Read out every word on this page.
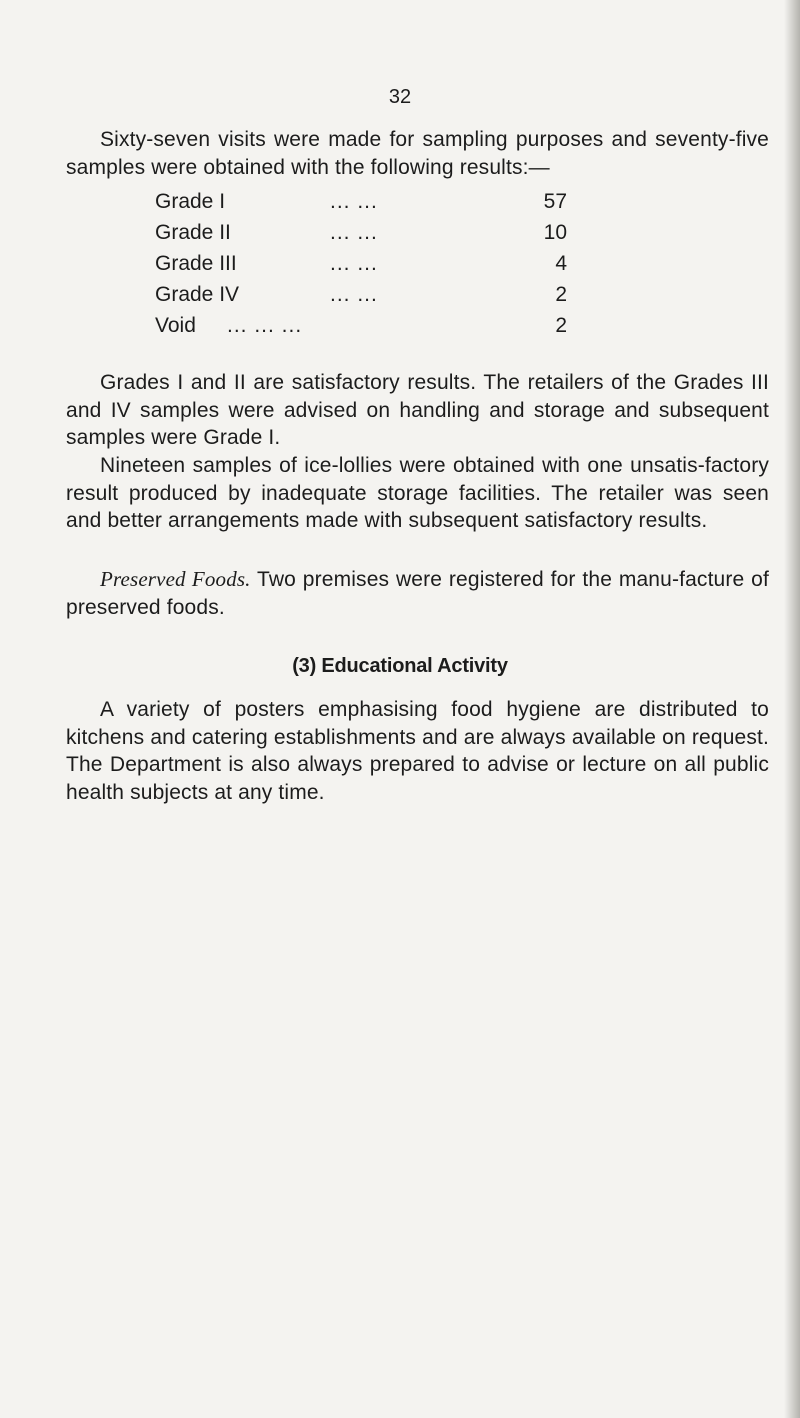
32

Sixty-seven visits were made for sampling purposes and seventy-five samples were obtained with the following results:—

Grade I	... ...	57
Grade II	... ...	10
Grade III	... ...	4
Grade IV	... ...	2
Void ... ... ...	2

Grades I and II are satisfactory results. The retailers of the Grades III and IV samples were advised on handling and storage and subsequent samples were Grade I.

Nineteen samples of ice-lollies were obtained with one unsatis-factory result produced by inadequate storage facilities. The retailer was seen and better arrangements made with subsequent satisfactory results.

Preserved Foods. Two premises were registered for the manu-facture of preserved foods.

(3) Educational Activity

A variety of posters emphasising food hygiene are distributed to kitchens and catering establishments and are always available on request. The Department is also always prepared to advise or lecture on all public health subjects at any time.
